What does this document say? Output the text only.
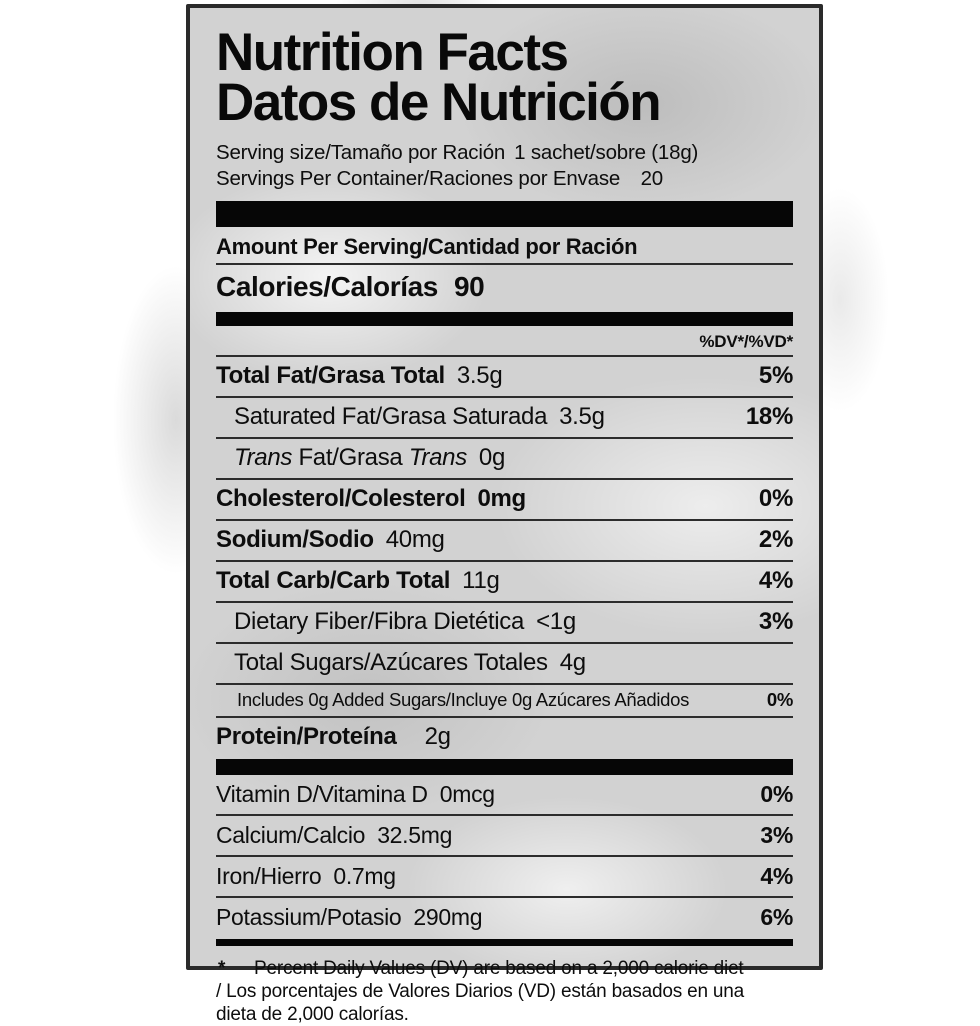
Nutrition Facts
Datos de Nutrición
Serving size/Tamaño por Ración 1 sachet/sobre (18g)
Servings Per Container/Raciones por Envase 20
Amount Per Serving/Cantidad por Ración
Calories/Calorías 90
%DV*/%VD*
Total Fat/Grasa Total 3.5g	5%
Saturated Fat/Grasa Saturada 3.5g	18%
Trans Fat/Grasa Trans 0g
Cholesterol/Colesterol 0mg	0%
Sodium/Sodio 40mg	2%
Total Carb/Carb Total 11g	4%
Dietary Fiber/Fibra Dietética <1g	3%
Total Sugars/Azúcares Totales 4g
Includes 0g Added Sugars/Incluye 0g Azúcares Añadidos	0%
Protein/Proteína 2g
Vitamin D/Vitamina D 0mcg	0%
Calcium/Calcio 32.5mg	3%
Iron/Hierro 0.7mg	4%
Potassium/Potasio 290mg	6%
* Percent Daily Values (DV) are based on a 2,000 calorie diet
/ Los porcentajes de Valores Diarios (VD) están basados en una
dieta de 2,000 calorías.
